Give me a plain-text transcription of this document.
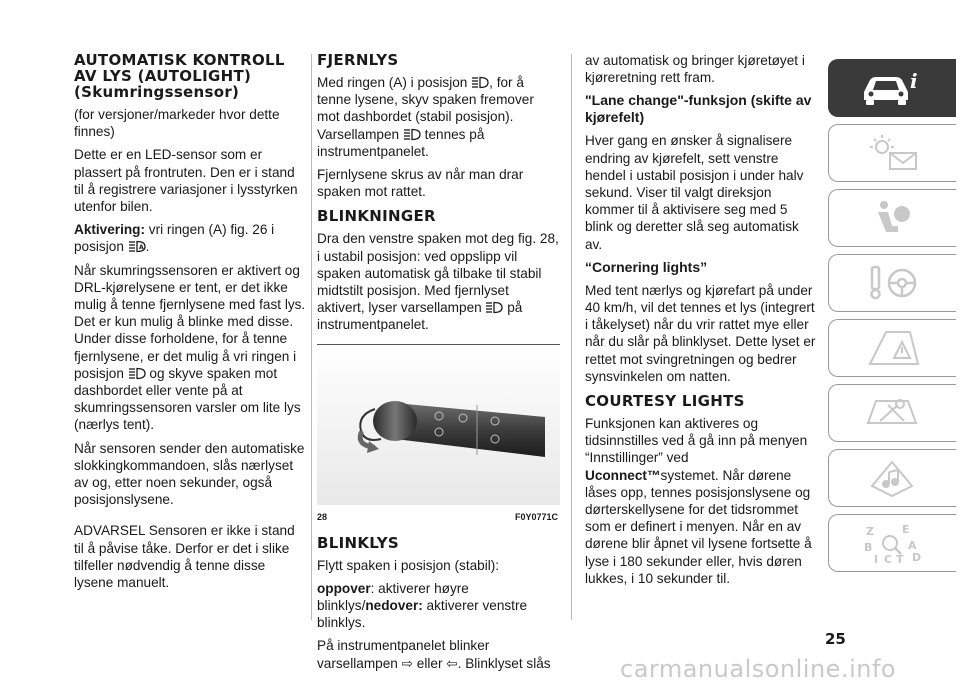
AUTOMATISK KONTROLL AV LYS (AUTOLIGHT) (Skumringssensor)

(for versjoner/markeder hvor dette finnes)

Dette er en LED-sensor som er plassert på frontruten. Den er i stand til å registrere variasjoner i lysstyrken utenfor bilen.

Aktivering: vri ringen (A) fig. 26 i posisjon A .

Når skumringssensoren er aktivert og DRL-kjørelysene er tent, er det ikke mulig å tenne fjernlysene med fast lys. Det er kun mulig å blinke med disse. Under disse forholdene, for å tenne fjernlysene, er det mulig å vri ringen i posisjon  og skyve spaken mot dashbordet eller vente på at skumringssensoren varsler om lite lys (nærlys tent).

Når sensoren sender den automatiske slokkingkommandoen, slås nærlyset av og, etter noen sekunder, også posisjonslysene.

ADVARSEL Sensoren er ikke i stand til å påvise tåke. Derfor er det i slike tilfeller nødvendig å tenne disse lysene manuelt.

FJERNLYS

Med ringen (A) i posisjon , for å tenne lysene, skyv spaken fremover mot dashbordet (stabil posisjon). Varsellampen  tennes på instrumentpanelet.

Fjernlysene skrus av når man drar spaken mot rattet.

BLINKNINGER

Dra den venstre spaken mot deg fig. 28, i ustabil posisjon: ved oppslipp vil spaken automatisk gå tilbake til stabil midtstilt posisjon. Med fjernlyset aktivert, lyser varsellampen  på instrumentpanelet.

28	F0Y0771C

BLINKLYS

Flytt spaken i posisjon (stabil):

oppover: aktiverer høyre blinklys/nedover: aktiverer venstre blinklys.

På instrumentpanelet blinker varsellampen ⇨ eller ⇦. Blinklyset slås

av automatisk og bringer kjøretøyet i kjøreretning rett fram.

"Lane change"-funksjon (skifte av kjørefelt)

Hver gang en ønsker å signalisere endring av kjørefelt, sett venstre hendel i ustabil posisjon i under halv sekund. Viser til valgt direksjon kommer til å aktivisere seg med 5 blink og deretter slå seg automatisk av.

“Cornering lights”

Med tent nærlys og kjørefart på under 40 km/h, vil det tennes et lys (integrert i tåkelyset) når du vrir rattet mye eller når du slår på blinklyset. Dette lyset er rettet mot svingretningen og bedrer synsvinkelen om natten.

COURTESY LIGHTS

Funksjonen kan aktiveres og tidsinnstilles ved å gå inn på menyen “Innstillinger” ved Uconnect™systemet. Når dørene låses opp, tennes posisjonslysene og dørterskellysene for det tidsrommet som er definert i menyen. Når en av dørene blir åpnet vil lysene fortsette å lyse i 180 sekunder eller, hvis døren lukkes, i 10 sekunder til.

i
Z	E
B	A
I C T D
25
carmanualsonline.info
